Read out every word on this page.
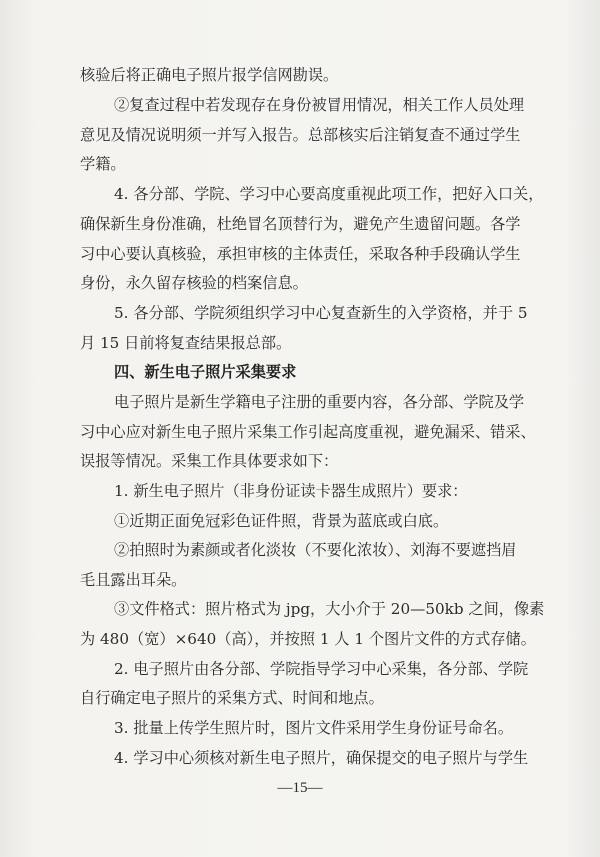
核验后将正确电子照片报学信网勘误。
②复查过程中若发现存在身份被冒用情况，相关工作人员处理
意见及情况说明须一并写入报告。总部核实后注销复查不通过学生
学籍。
4. 各分部、学院、学习中心要高度重视此项工作，把好入口关，
确保新生身份准确，杜绝冒名顶替行为，避免产生遗留问题。各学
习中心要认真核验，承担审核的主体责任，采取各种手段确认学生
身份，永久留存核验的档案信息。
5. 各分部、学院须组织学习中心复查新生的入学资格，并于 5
月 15 日前将复查结果报总部。
四、新生电子照片采集要求
电子照片是新生学籍电子注册的重要内容，各分部、学院及学
习中心应对新生电子照片采集工作引起高度重视，避免漏采、错采、
误报等情况。采集工作具体要求如下：
1. 新生电子照片（非身份证读卡器生成照片）要求：
①近期正面免冠彩色证件照，背景为蓝底或白底。
②拍照时为素颜或者化淡妆（不要化浓妆）、刘海不要遮挡眉
毛且露出耳朵。
③文件格式：照片格式为 jpg，大小介于 20—50kb 之间，像素
为 480（宽）×640（高），并按照 1 人 1 个图片文件的方式存储。
2. 电子照片由各分部、学院指导学习中心采集，各分部、学院
自行确定电子照片的采集方式、时间和地点。
3. 批量上传学生照片时，图片文件采用学生身份证号命名。
4. 学习中心须核对新生电子照片，确保提交的电子照片与学生
—15—
